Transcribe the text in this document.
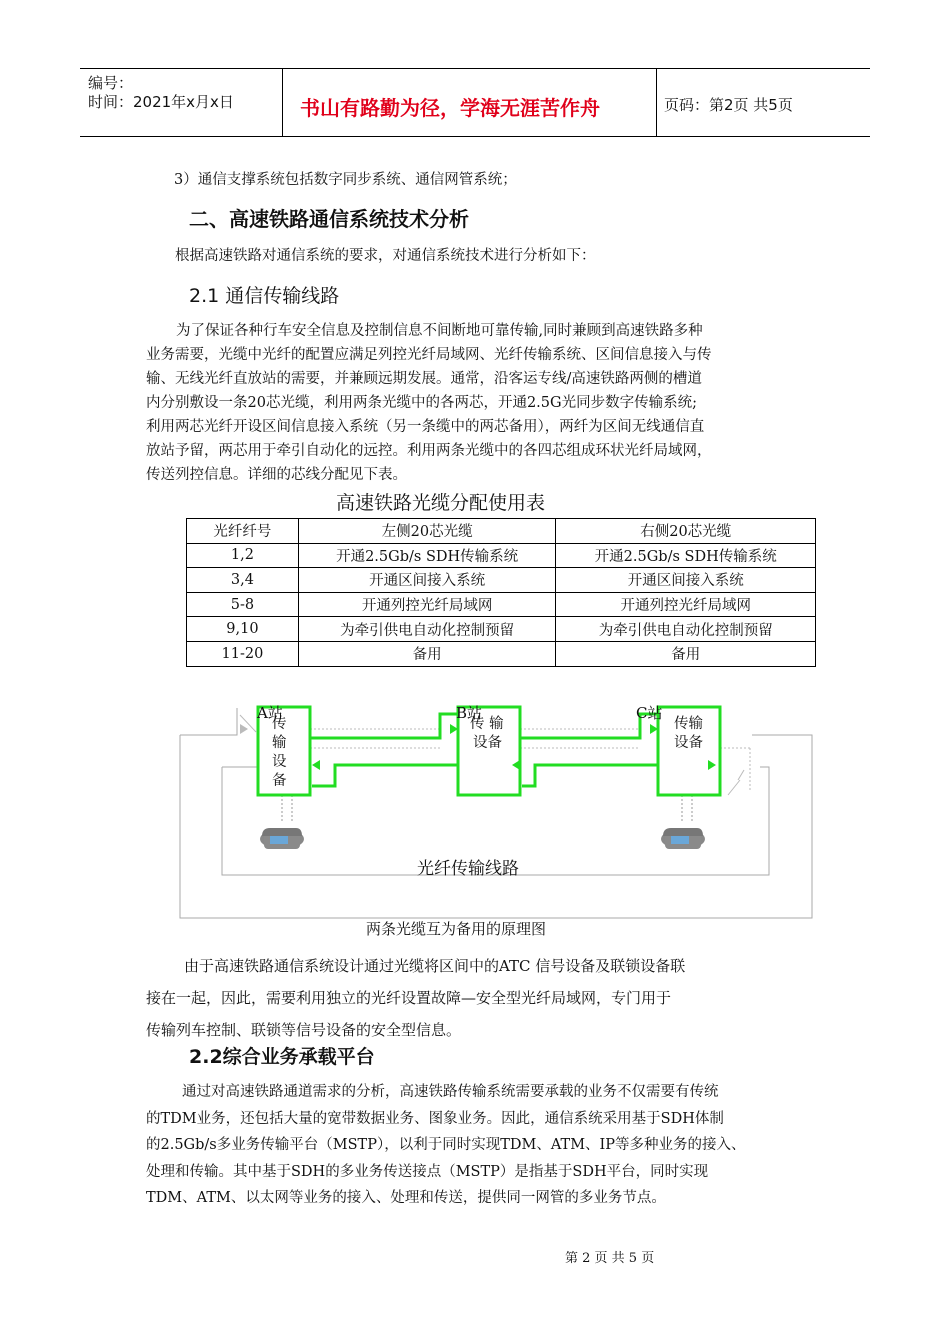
编号：
时间：2021年x月x日	书山有路勤为径，学海无涯苦作舟	页码：第2页 共5页
3）通信支撑系统包括数字同步系统、通信网管系统；
二、高速铁路通信系统技术分析
根据高速铁路对通信系统的要求，对通信系统技术进行分析如下：
2.1 通信传输线路
为了保证各种行车安全信息及控制信息不间断地可靠传输,同时兼顾到高速铁路多种
业务需要，光缆中光纤的配置应满足列控光纤局域网、光纤传输系统、区间信息接入与传
输、无线光纤直放站的需要，并兼顾远期发展。通常，沿客运专线/高速铁路两侧的槽道
内分别敷设一条20芯光缆，利用两条光缆中的各两芯，开通2.5G光同步数字传输系统;
利用两芯光纤开设区间信息接入系统（另一条缆中的两芯备用），两纤为区间无线通信直
放站予留，两芯用于牵引自动化的远控。利用两条光缆中的各四芯组成环状光纤局域网，
传送列控信息。详细的芯线分配见下表。
高速铁路光缆分配使用表
光纤纤号	左侧20芯光缆	右侧20芯光缆
1,2	开通2.5Gb/s SDH传输系统	开通2.5Gb/s SDH传输系统
3,4	开通区间接入系统	开通区间接入系统
5-8	开通列控光纤局域网	开通列控光纤局域网
9,10	为牵引供电自动化控制预留	为牵引供电自动化控制预留
11-20	备用	备用
A站	B站	C站
传
输
设
备
传 输
设备
传输
设备
光纤传输线路
两条光缆互为备用的原理图
由于高速铁路通信系统设计通过光缆将区间中的ATC 信号设备及联锁设备联
接在一起，因此，需要利用独立的光纤设置故障—安全型光纤局域网，专门用于
传输列车控制、联锁等信号设备的安全型信息。
2.2综合业务承载平台
通过对高速铁路通道需求的分析，高速铁路传输系统需要承载的业务不仅需要有传统
的TDM业务，还包括大量的宽带数据业务、图象业务。因此，通信系统采用基于SDH体制
的2.5Gb/s多业务传输平台（MSTP），以利于同时实现TDM、ATM、IP等多种业务的接入、
处理和传输。其中基于SDH的多业务传送接点（MSTP）是指基于SDH平台，同时实现
TDM、ATM、以太网等业务的接入、处理和传送，提供同一网管的多业务节点。
第 2 页 共 5 页
